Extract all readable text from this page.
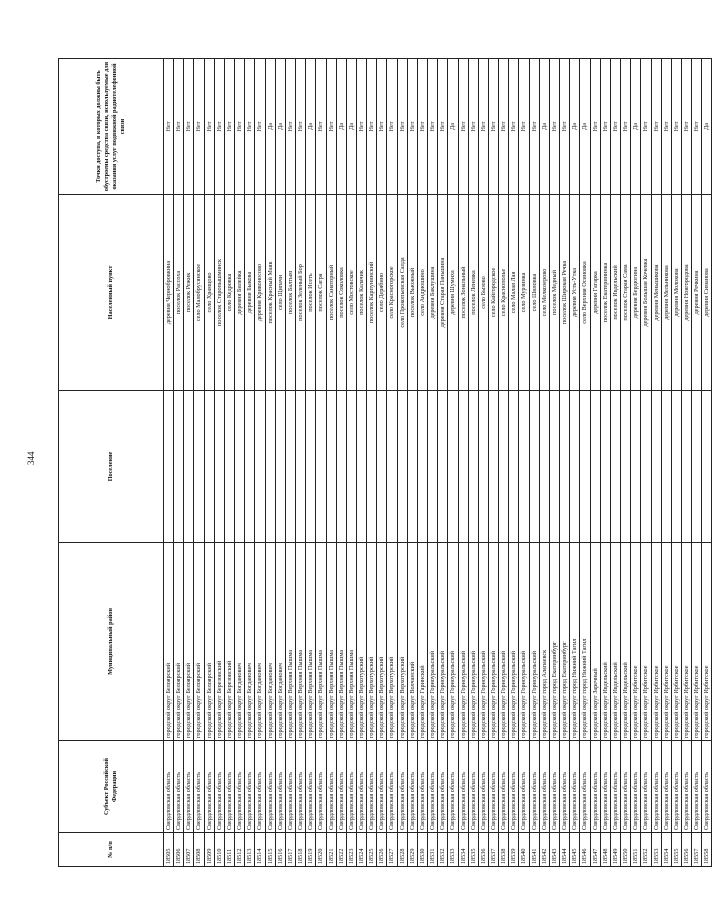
344
№ п/п	Субъект Российской Федерации	Муниципальный район	Поселение	Населенный пункт	Точки доступа, в которых должны быть обустроены средства связи, используемые для оказания услуг подвижной радиотелефонной связи
18505	Свердловская область	городской округ Белоярский		деревня Чернобровкина	Нет
18506	Свердловская область	городской округ Белоярский		поселок Рассоха	Нет
18507	Свердловская область	городской округ Белоярский		поселок Режик	Нет
18508	Свердловская область	городской округ Белоярский		село Малобрусянское	Нет
18509	Свердловская область	городской округ Белоярский		село Храмцово	Нет
18510	Свердловская область	городской округ Березовский		поселок Старопышминск	Нет
18511	Свердловская область	городской округ Березовский		село Кедровка	Нет
18512	Свердловская область	городской округ Богданович		деревня Билейка	Нет
18513	Свердловская область	городской округ Богданович		деревня Быкова	Нет
18514	Свердловская область	городской округ Богданович		деревня Кривоносово	Нет
18515	Свердловская область	городской округ Богданович		поселок Красный Маяк	Да
18516	Свердловская область	городской округ Богданович		село Щипачи	Да
18517	Свердловская область	городской округ Верхняя Пышма		поселок Балтым	Нет
18518	Свердловская область	городской округ Верхняя Пышма		поселок Зеленый Бор	Нет
18519	Свердловская область	городской округ Верхняя Пышма		поселок Исеть	Да
18520	Свердловская область	городской округ Верхняя Пышма		поселок Сагра	Нет
18521	Свердловская область	городской округ Верхняя Пышма		поселок Санаторный	Нет
18522	Свердловская область	городской округ Верхняя Пышма		поселок Соколовка	Да
18523	Свердловская область	городской округ Верхняя Пышма		село Мостовское	Да
18524	Свердловская область	городской округ Верхотурский		поселок Калачик	Нет
18525	Свердловская область	городской округ Верхотурский		поселок Карпунинский	Нет
18526	Свердловская область	городской округ Верхотурский		село Дерябино	Нет
18527	Свердловская область	городской округ Верхотурский		село Красногорское	Нет
18528	Свердловская область	городской округ Верхотурский		село Прокопьевская Салда	Нет
18529	Свердловская область	городской округ Волчанский		поселок Вьюжный	Нет
18530	Свердловская область	городской округ Гаринский		село Андрюшино	Нет
18531	Свердловская область	городской округ Горноуральский		деревня Баклушина	Нет
18532	Свердловская область	городской округ Горноуральский		деревня Старая Паньшина	Нет
18533	Свердловская область	городской округ Горноуральский		деревня Шумиха	Да
18534	Свердловская область	городской округ Горноуральский		поселок Зональный	Нет
18535	Свердловская область	городской округ Горноуральский		поселок Леневка	Нет
18536	Свердловская область	городской округ Горноуральский		село Бызово	Нет
18537	Свердловская область	городской округ Горноуральский		село Кайгородское	Нет
18538	Свердловская область	городской округ Горноуральский		село Краснополье	Нет
18539	Свердловская область	городской округ Горноуральский		село Малая Лая	Нет
18540	Свердловская область	городской округ Горноуральский		село Мурзинка	Нет
18541	Свердловская область	городской округ Горноуральский		село Шиловка	Нет
18542	Свердловская область	городской округ город Алапаевск		село Мелкозерово	Да
18543	Свердловская область	городской округ город Екатеринбург		поселок Медный	Нет
18544	Свердловская область	городской округ город Екатеринбург		поселок Широкая Речка	Нет
18545	Свердловская область	городской округ город Нижний Тагил		деревня Усть-Утка	Да
18546	Свердловская область	городской округ город Нижний Тагил		село Верхняя Осиновка	Да
18547	Свердловская область	городской округ Заречный		деревня Гагарка	Нет
18548	Свердловская область	городской округ Ивдельский		поселок Екатерининка	Нет
18549	Свердловская область	городской округ Ивдельский		поселок Ивдельский	Нет
18550	Свердловская область	городской округ Ивдельский		поселок Старая Сама	Нет
18551	Свердловская область	городской округ Ирбитское		деревня Бердюгина	Да
18552	Свердловская область	городской округ Ирбитское		деревня Большая Кочевка	Нет
18553	Свердловская область	городской округ Ирбитское		деревня Меньшикова	Нет
18554	Свердловская область	городской округ Ирбитское		деревня Мельникова	Нет
18555	Свердловская область	городской округ Ирбитское		деревня Молокова	Нет
18556	Свердловская область	городской округ Ирбитское		деревня Новгородова	Нет
18557	Свердловская область	городской округ Ирбитское		деревня Речкина	Нет
18558	Свердловская область	городской округ Ирбитское		деревня Симанова	Да
